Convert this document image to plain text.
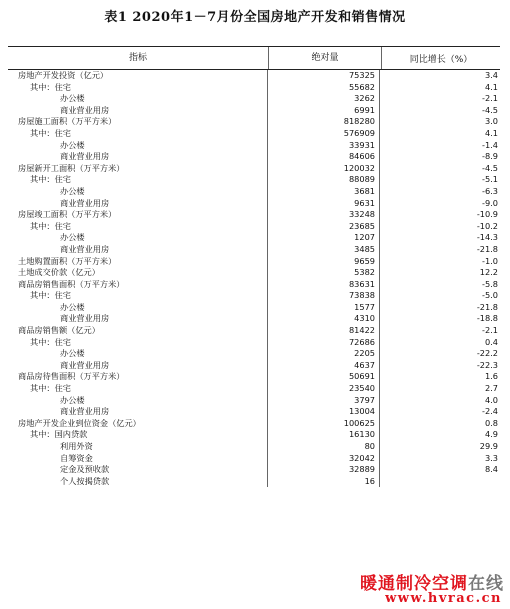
表1 2020年1－7月份全国房地产开发和销售情况
指标	绝对量	同比增长（%）
房地产开发投资（亿元）	75325	3.4
其中：住宅	55682	4.1
办公楼	3262	-2.1
商业营业用房	6991	-4.5
房屋施工面积（万平方米）	818280	3.0
其中：住宅	576909	4.1
办公楼	33931	-1.4
商业营业用房	84606	-8.9
房屋新开工面积（万平方米）	120032	-4.5
其中：住宅	88089	-5.1
办公楼	3681	-6.3
商业营业用房	9631	-9.0
房屋竣工面积（万平方米）	33248	-10.9
其中：住宅	23685	-10.2
办公楼	1207	-14.3
商业营业用房	3485	-21.8
土地购置面积（万平方米）	9659	-1.0
土地成交价款（亿元）	5382	12.2
商品房销售面积（万平方米）	83631	-5.8
其中：住宅	73838	-5.0
办公楼	1577	-21.8
商业营业用房	4310	-18.8
商品房销售额（亿元）	81422	-2.1
其中：住宅	72686	0.4
办公楼	2205	-22.2
商业营业用房	4637	-22.3
商品房待售面积（万平方米）	50691	1.6
其中：住宅	23540	2.7
办公楼	3797	4.0
商业营业用房	13004	-2.4
房地产开发企业到位资金（亿元）	100625	0.8
其中：国内贷款	16130	4.9
利用外资	80	29.9
自筹资金	32042	3.3
定金及预收款	32889	8.4
个人按揭贷款	16
暖通制冷空调在线
www.hvrac.cn
